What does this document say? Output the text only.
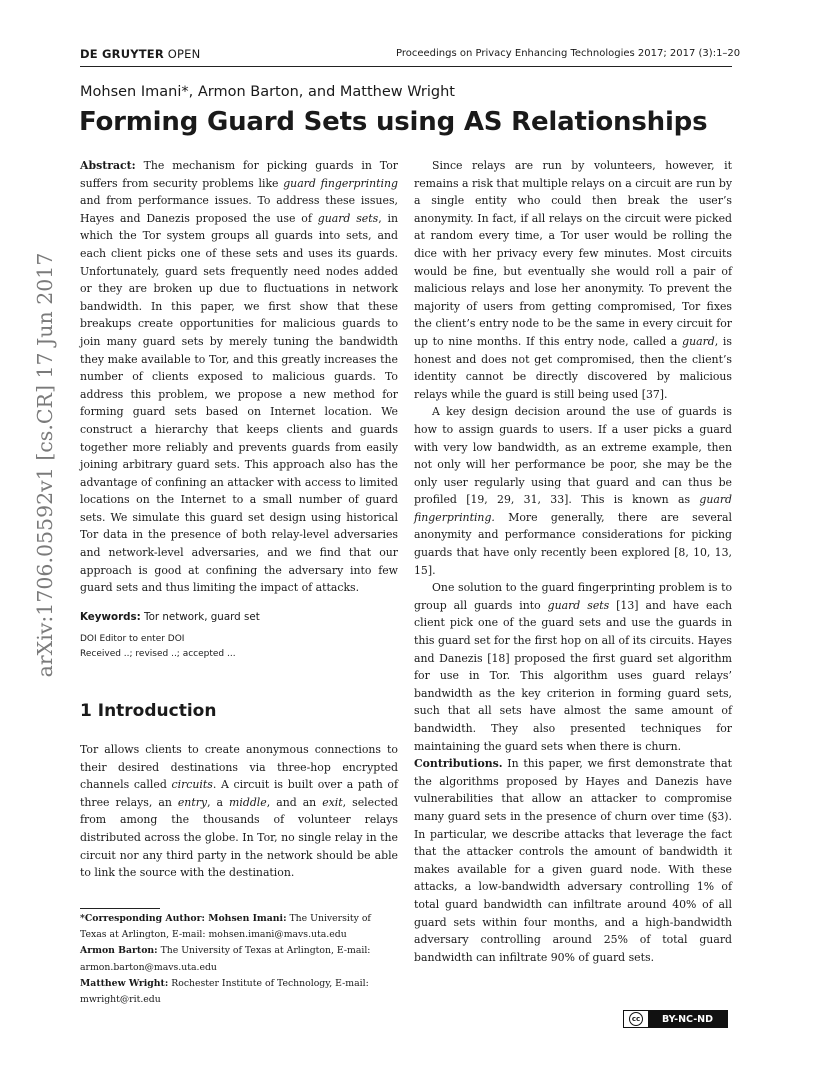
DE GRUYTER OPEN	Proceedings on Privacy Enhancing Technologies 2017; 2017 (3):1–20
Mohsen Imani*, Armon Barton, and Matthew Wright
Forming Guard Sets using AS Relationships
arXiv:1706.05592v1 [cs.CR] 17 Jun 2017

Abstract: The mechanism for picking guards in Tor suffers from security problems like guard fingerprinting and from performance issues. To address these issues, Hayes and Danezis proposed the use of guard sets, in which the Tor system groups all guards into sets, and each client picks one of these sets and uses its guards. Unfortunately, guard sets frequently need nodes added or they are broken up due to fluctuations in network bandwidth. In this paper, we first show that these breakups create opportunities for malicious guards to join many guard sets by merely tuning the bandwidth they make available to Tor, and this greatly increases the number of clients exposed to malicious guards. To address this problem, we propose a new method for forming guard sets based on Internet location. We construct a hierarchy that keeps clients and guards together more reliably and prevents guards from easily joining arbitrary guard sets. This approach also has the advantage of confining an attacker with access to limited locations on the Internet to a small number of guard sets. We simulate this guard set design using historical Tor data in the presence of both relay-level adversaries and network-level adversaries, and we find that our approach is good at confining the adversary into few guard sets and thus limiting the impact of attacks.

Keywords: Tor network, guard set

DOI Editor to enter DOI
Received ..; revised ..; accepted ...
1 Introduction

Tor allows clients to create anonymous connections to their desired destinations via three-hop encrypted channels called circuits. A circuit is built over a path of three relays, an entry, a middle, and an exit, selected from among the thousands of volunteer relays distributed across the globe. In Tor, no single relay in the circuit nor any third party in the network should be able to link the source with the destination.

*Corresponding Author: Mohsen Imani: The University of Texas at Arlington, E-mail: mohsen.imani@mavs.uta.edu

Armon Barton: The University of Texas at Arlington, E-mail: armon.barton@mavs.uta.edu

Matthew Wright: Rochester Institute of Technology, E-mail: mwright@rit.edu

Since relays are run by volunteers, however, it remains a risk that multiple relays on a circuit are run by a single entity who could then break the user’s anonymity. In fact, if all relays on the circuit were picked at random every time, a Tor user would be rolling the dice with her privacy every few minutes. Most circuits would be fine, but eventually she would roll a pair of malicious relays and lose her anonymity. To prevent the majority of users from getting compromised, Tor fixes the client’s entry node to be the same in every circuit for up to nine months. If this entry node, called a guard, is honest and does not get compromised, then the client’s identity cannot be directly discovered by malicious relays while the guard is still being used [37].

A key design decision around the use of guards is how to assign guards to users. If a user picks a guard with very low bandwidth, as an extreme example, then not only will her performance be poor, she may be the only user regularly using that guard and can thus be profiled [19, 29, 31, 33]. This is known as guard fingerprinting. More generally, there are several anonymity and performance considerations for picking guards that have only recently been explored [8, 10, 13, 15].

One solution to the guard fingerprinting problem is to group all guards into guard sets [13] and have each client pick one of the guard sets and use the guards in this guard set for the first hop on all of its circuits. Hayes and Danezis [18] proposed the first guard set algorithm for use in Tor. This algorithm uses guard relays’ bandwidth as the key criterion in forming guard sets, such that all sets have almost the same amount of bandwidth. They also presented techniques for maintaining the guard sets when there is churn.

Contributions. In this paper, we first demonstrate that the algorithms proposed by Hayes and Danezis have vulnerabilities that allow an attacker to compromise many guard sets in the presence of churn over time (§3). In particular, we describe attacks that leverage the fact that the attacker controls the amount of bandwidth it makes available for a given guard node. With these attacks, a low-bandwidth adversary controlling 1% of total guard bandwidth can infiltrate around 40% of all guard sets within four months, and a high-bandwidth adversary controlling around 25% of total guard bandwidth can infiltrate 90% of guard sets.

cc	BY-NC-ND
